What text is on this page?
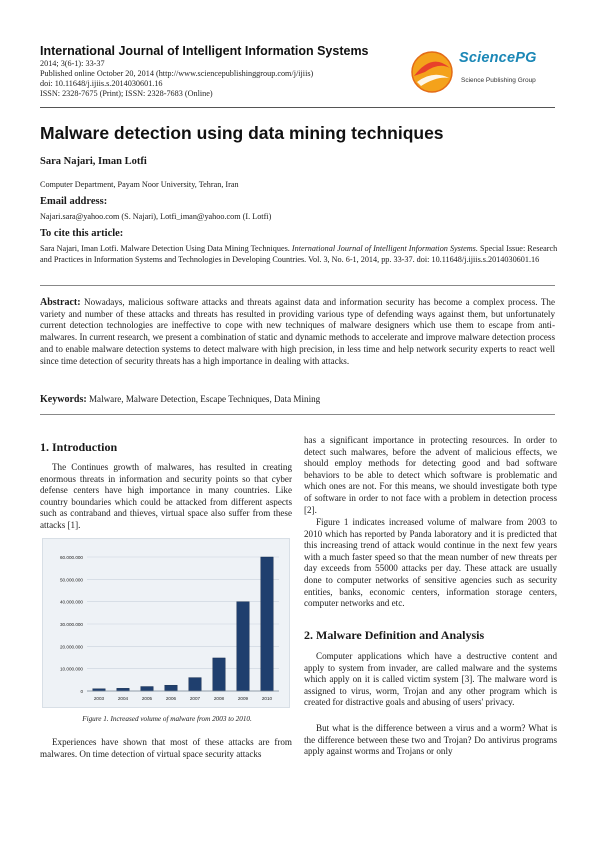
International Journal of Intelligent Information Systems
2014; 3(6-1): 33-37
Published online October 20, 2014 (http://www.sciencepublishinggroup.com/j/ijiis)
doi: 10.11648/j.ijiis.s.2014030601.16
ISSN: 2328-7675 (Print); ISSN: 2328-7683 (Online)
SciencePG
Science Publishing Group
Malware detection using data mining techniques
Sara Najari, Iman Lotfi
Computer Department, Payam Noor University, Tehran, Iran
Email address:
Najari.sara@yahoo.com (S. Najari), Lotfi_iman@yahoo.com (I. Lotfi)
To cite this article:
Sara Najari, Iman Lotfi. Malware Detection Using Data Mining Techniques. International Journal of Intelligent Information Systems. Special Issue: Research and Practices in Information Systems and Technologies in Developing Countries. Vol. 3, No. 6-1, 2014, pp. 33-37. doi: 10.11648/j.ijiis.s.2014030601.16
Abstract: Nowadays, malicious software attacks and threats against data and information security has become a complex process. The variety and number of these attacks and threats has resulted in providing various type of defending ways against them, but unfortunately current detection technologies are ineffective to cope with new techniques of malware designers which use them to escape from anti-malwares. In current research, we present a combination of static and dynamic methods to accelerate and improve malware detection process and to enable malware detection systems to detect malware with high precision, in less time and help network security experts to react well since time detection of security threats has a high importance in dealing with attacks.
Keywords: Malware, Malware Detection, Escape Techniques, Data Mining
1. Introduction
The Continues growth of malwares, has resulted in creating enormous threats in information and security points so that cyber defense centers have high importance in many countries. Like country boundaries which could be attacked from different aspects such as contraband and thieves, virtual space also suffer from these attacks [1].
0
10.000.000
20.000.000
30.000.000
40.000.000
50.000.000
60.000.000
2003	2004	2005	2006	2007	2008	2009	2010
Figure 1. Increased volume of malware from 2003 to 2010.
Experiences have shown that most of these attacks are from malwares. On time detection of virtual space security attacks
has a significant importance in protecting resources. In order to detect such malwares, before the advent of malicious effects, we should employ methods for detecting good and bad software behaviors to be able to detect which software is problematic and which ones are not. For this means, we should investigate both type of software in order to not face with a problem in detection process [2].
Figure 1 indicates increased volume of malware from 2003 to 2010 which has reported by Panda laboratory and it is predicted that this increasing trend of attack would continue in the next few years with a much faster speed so that the mean number of new threats per day exceeds from 55000 attacks per day. These attack are usually done to computer networks of sensitive agencies such as security entities, banks, economic centers, information storage centers, computer networks and etc.
2. Malware Definition and Analysis
Computer applications which have a destructive content and apply to system from invader, are called malware and the systems which apply on it is called victim system [3]. The malware word is assigned to virus, worm, Trojan and any other program which is created for distractive goals and abusing of users' privacy.
But what is the difference between a virus and a worm? What is the difference between these two and Trojan? Do antivirus programs apply against worms and Trojans or only
